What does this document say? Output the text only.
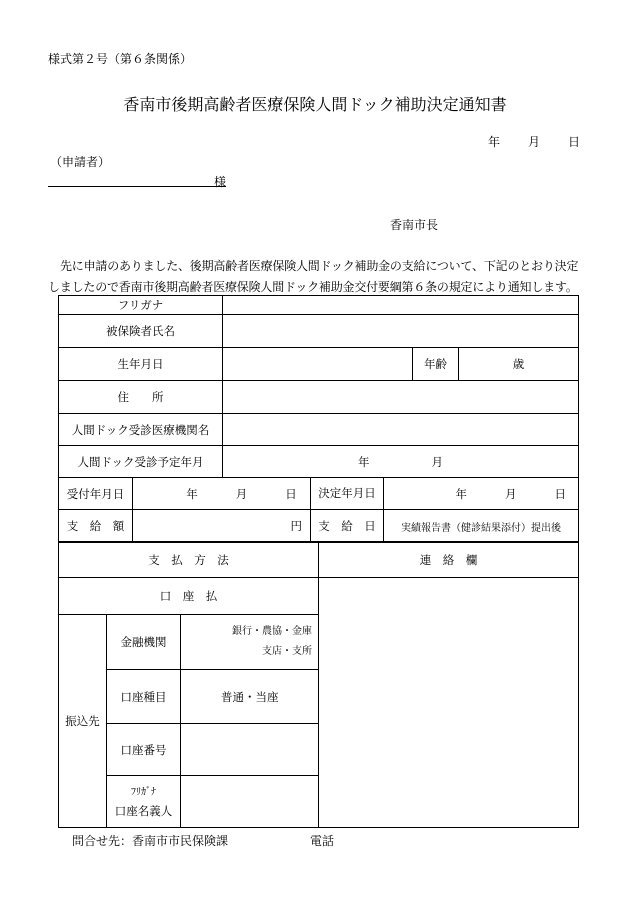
様式第２号（第６条関係）
香南市後期高齢者医療保険人間ドック補助決定通知書
年 月 日
（申請者）
様
香南市長
先に申請のありました、後期高齢者医療保険人間ドック補助金の支給について、下記のとおり決定しましたので香南市後期高齢者医療保険人間ドック補助金交付要綱第６条の規定により通知します。
フリガナ				
被保険者氏名				
生年月日				年齢 歳

住　　所				
人間ドック受診医療機関名				
人間ドック受診予定年月		年 月		
受付年月日	年 月 日		決定年月日 年 月 日	

支　給　額	円		支　給　日 実績報告書（健診結果添付）提出後	
支　払　方　法			連　絡　欄
口　座　払			
振込先	金融機関	銀行・農協・金庫
支店・支所	

	口座種目	普通・当座	
	口座番号		

	ﾌﾘｶﾞﾅ
口座名義人		

問合せ先：香南市市民保険課	電話
